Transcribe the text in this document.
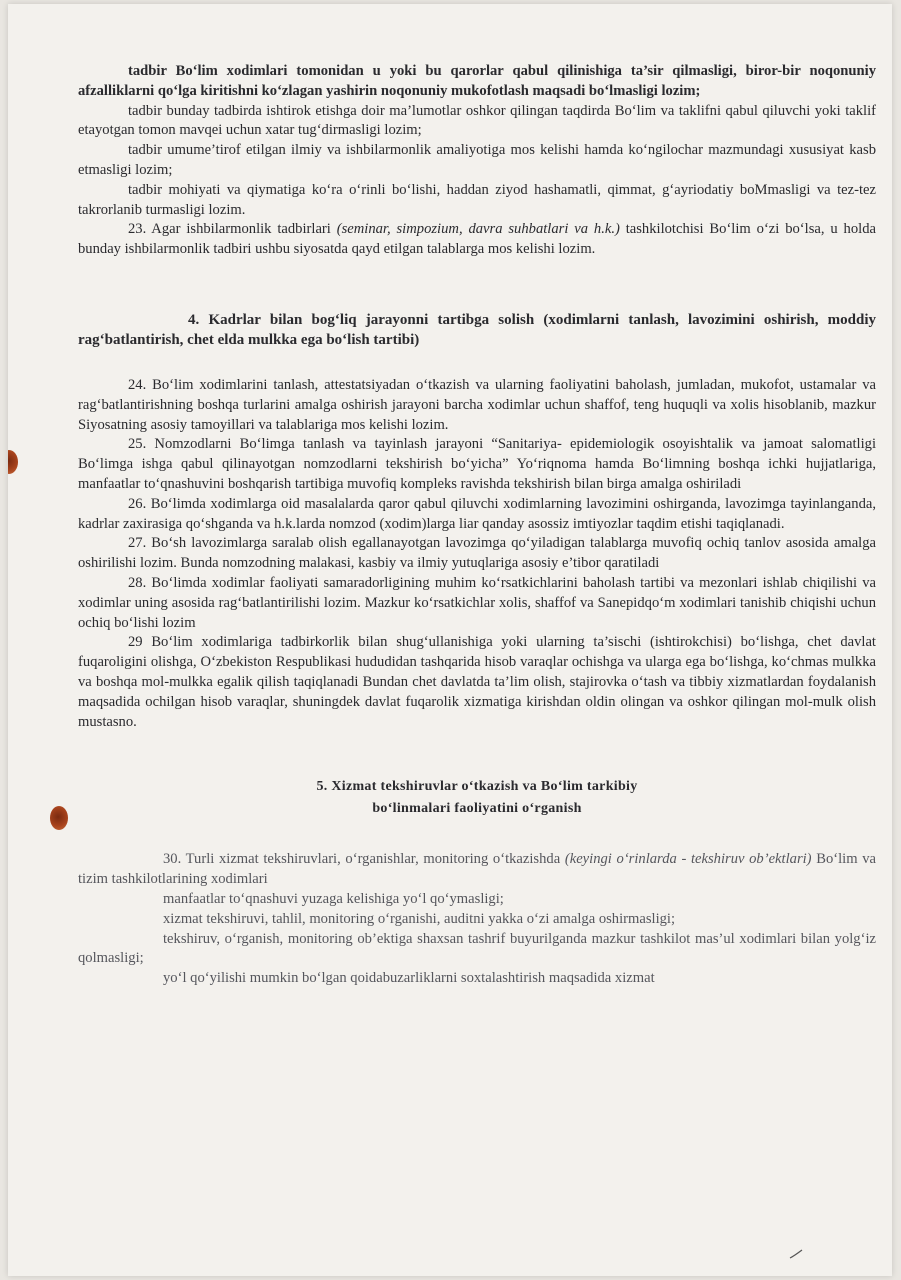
tadbir Bo‘lim xodimlari tomonidan u yoki bu qarorlar qabul qilinishiga ta’sir qilmasligi, biror-bir noqonuniy afzalliklarni qo‘lga kiritishni ko‘zlagan yashirin noqonuniy mukofotlash maqsadi bo‘lmasligi lozim;

tadbir bunday tadbirda ishtirok etishga doir ma’lumotlar oshkor qilingan taqdirda Bo‘lim va taklifni qabul qiluvchi yoki taklif etayotgan tomon mavqei uchun xatar tug‘dirmasligi lozim;

tadbir umume’tirof etilgan ilmiy va ishbilarmonlik amaliyotiga mos kelishi hamda ko‘ngilochar mazmundagi xususiyat kasb etmasligi lozim;

tadbir mohiyati va qiymatiga ko‘ra o‘rinli bo‘lishi, haddan ziyod hashamatli, qimmat, g‘ayriodatiy boMmasligi va tez-tez takrorlanib turmasligi lozim.

23. Agar ishbilarmonlik tadbirlari (seminar, simpozium, davra suhbatlari va h.k.) tashkilotchisi Bo‘lim o‘zi bo‘lsa, u holda bunday ishbilarmonlik tadbiri ushbu siyosatda qayd etilgan talablarga mos kelishi lozim.

4. Kadrlar bilan bog‘liq jarayonni tartibga solish (xodimlarni tanlash, lavozimini oshirish, moddiy rag‘batlantirish, chet elda mulkka ega bo‘lish tartibi)

24. Bo‘lim xodimlarini tanlash, attestatsiyadan o‘tkazish va ularning faoliyatini baholash, jumladan, mukofot, ustamalar va rag‘batlantirishning boshqa turlarini amalga oshirish jarayoni barcha xodimlar uchun shaffof, teng huquqli va xolis hisoblanib, mazkur Siyosatning asosiy tamoyillari va talablariga mos kelishi lozim.

25. Nomzodlarni Bo‘limga tanlash va tayinlash jarayoni “Sanitariya- epidemiologik osoyishtalik va jamoat salomatligi Bo‘limga ishga qabul qilinayotgan nomzodlarni tekshirish bo‘yicha” Yo‘riqnoma hamda Bo‘limning boshqa ichki hujjatlariga, manfaatlar to‘qnashuvini boshqarish tartibiga muvofiq kompleks ravishda tekshirish bilan birga amalga oshiriladi

26. Bo‘limda xodimlarga oid masalalarda qaror qabul qiluvchi xodimlarning lavozimini oshirganda, lavozimga tayinlanganda, kadrlar zaxirasiga qo‘shganda va h.k.larda nomzod (xodim)larga liar qanday asossiz imtiyozlar taqdim etishi taqiqlanadi.

27. Bo‘sh lavozimlarga saralab olish egallanayotgan lavozimga qo‘yiladigan talablarga muvofiq ochiq tanlov asosida amalga oshirilishi lozim. Bunda nomzodning malakasi, kasbiy va ilmiy yutuqlariga asosiy e’tibor qaratiladi

28. Bo‘limda xodimlar faoliyati samaradorligining muhim ko‘rsatkichlarini baholash tartibi va mezonlari ishlab chiqilishi va xodimlar uning asosida rag‘batlantirilishi lozim. Mazkur ko‘rsatkichlar xolis, shaffof va Sanepidqo‘m xodimlari tanishib chiqishi uchun ochiq bo‘lishi lozim

29 Bo‘lim xodimlariga tadbirkorlik bilan shug‘ullanishiga yoki ularning ta’sischi (ishtirokchisi) bo‘lishga, chet davlat fuqaroligini olishga, O‘zbekiston Respublikasi hududidan tashqarida hisob varaqlar ochishga va ularga ega bo‘lishga, ko‘chmas mulkka va boshqa mol-mulkka egalik qilish taqiqlanadi Bundan chet davlatda ta’lim olish, stajirovka o‘tash va tibbiy xizmatlardan foydalanish maqsadida ochilgan hisob varaqlar, shuningdek davlat fuqarolik xizmatiga kirishdan oldin olingan va oshkor qilingan mol-mulk olish mustasno.

5. Xizmat tekshiruvlar o‘tkazish va Bo‘lim tarkibiy
bo‘linmalari faoliyatini o‘rganish

30. Turli xizmat tekshiruvlari, o‘rganishlar, monitoring o‘tkazishda (keyingi o‘rinlarda - tekshiruv ob’ektlari) Bo‘lim va tizim tashkilotlarining xodimlari

manfaatlar to‘qnashuvi yuzaga kelishiga yo‘l qo‘ymasligi;

xizmat tekshiruvi, tahlil, monitoring o‘rganishi, auditni yakka o‘zi amalga oshirmasligi;

tekshiruv, o‘rganish, monitoring ob’ektiga shaxsan tashrif buyurilganda mazkur tashkilot mas’ul xodimlari bilan yolg‘iz qolmasligi;

yo‘l qo‘yilishi mumkin bo‘lgan qoidabuzarliklarni soxtalashtirish maqsadida xizmat
